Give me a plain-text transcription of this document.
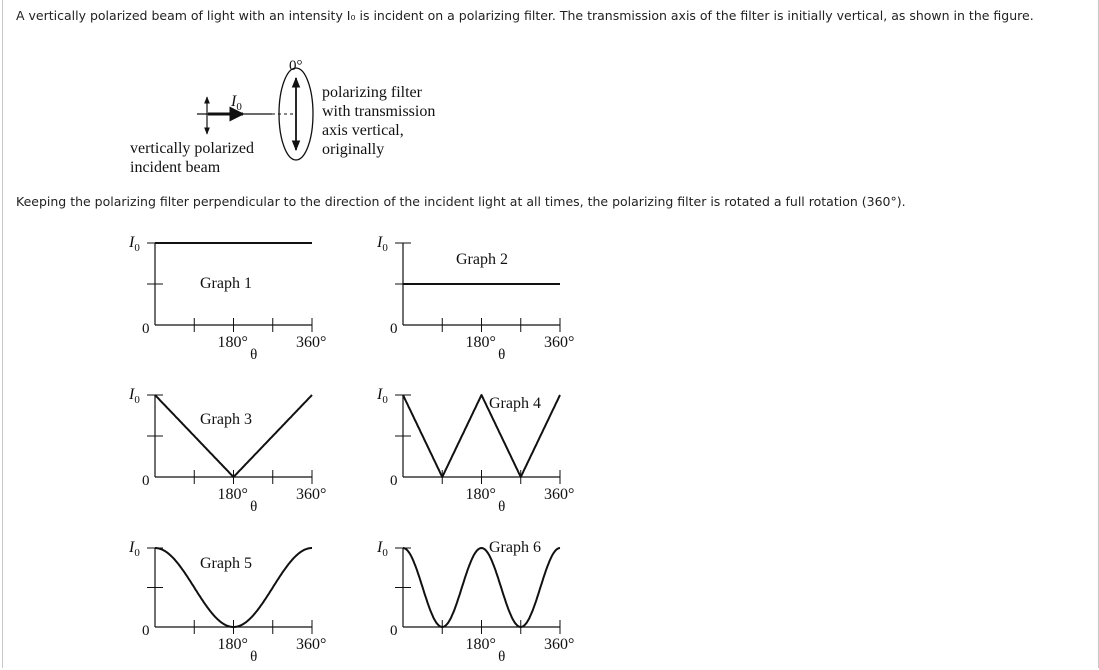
A vertically polarized beam of light with an intensity I₀ is incident on a polarizing filter. The transmission axis of the filter is initially vertical, as shown in the figure.
Keeping the polarizing filter perpendicular to the direction of the incident light at all times, the polarizing filter is rotated a full rotation (360°).
0°
$I_0$
polarizing filter with transmission axis vertical, originally
vertically polarized incident beam
$I_0$
0
180°	360°
θ
Graph 1
$I_0$
0
180°	360°
θ
Graph 2
$I_0$
0
180°	360°
θ
Graph 3
$I_0$
0
180°	360°
θ
Graph 4
$I_0$
0
180°	360°
θ
Graph 5
$I_0$
0
180°	360°
θ
Graph 6
